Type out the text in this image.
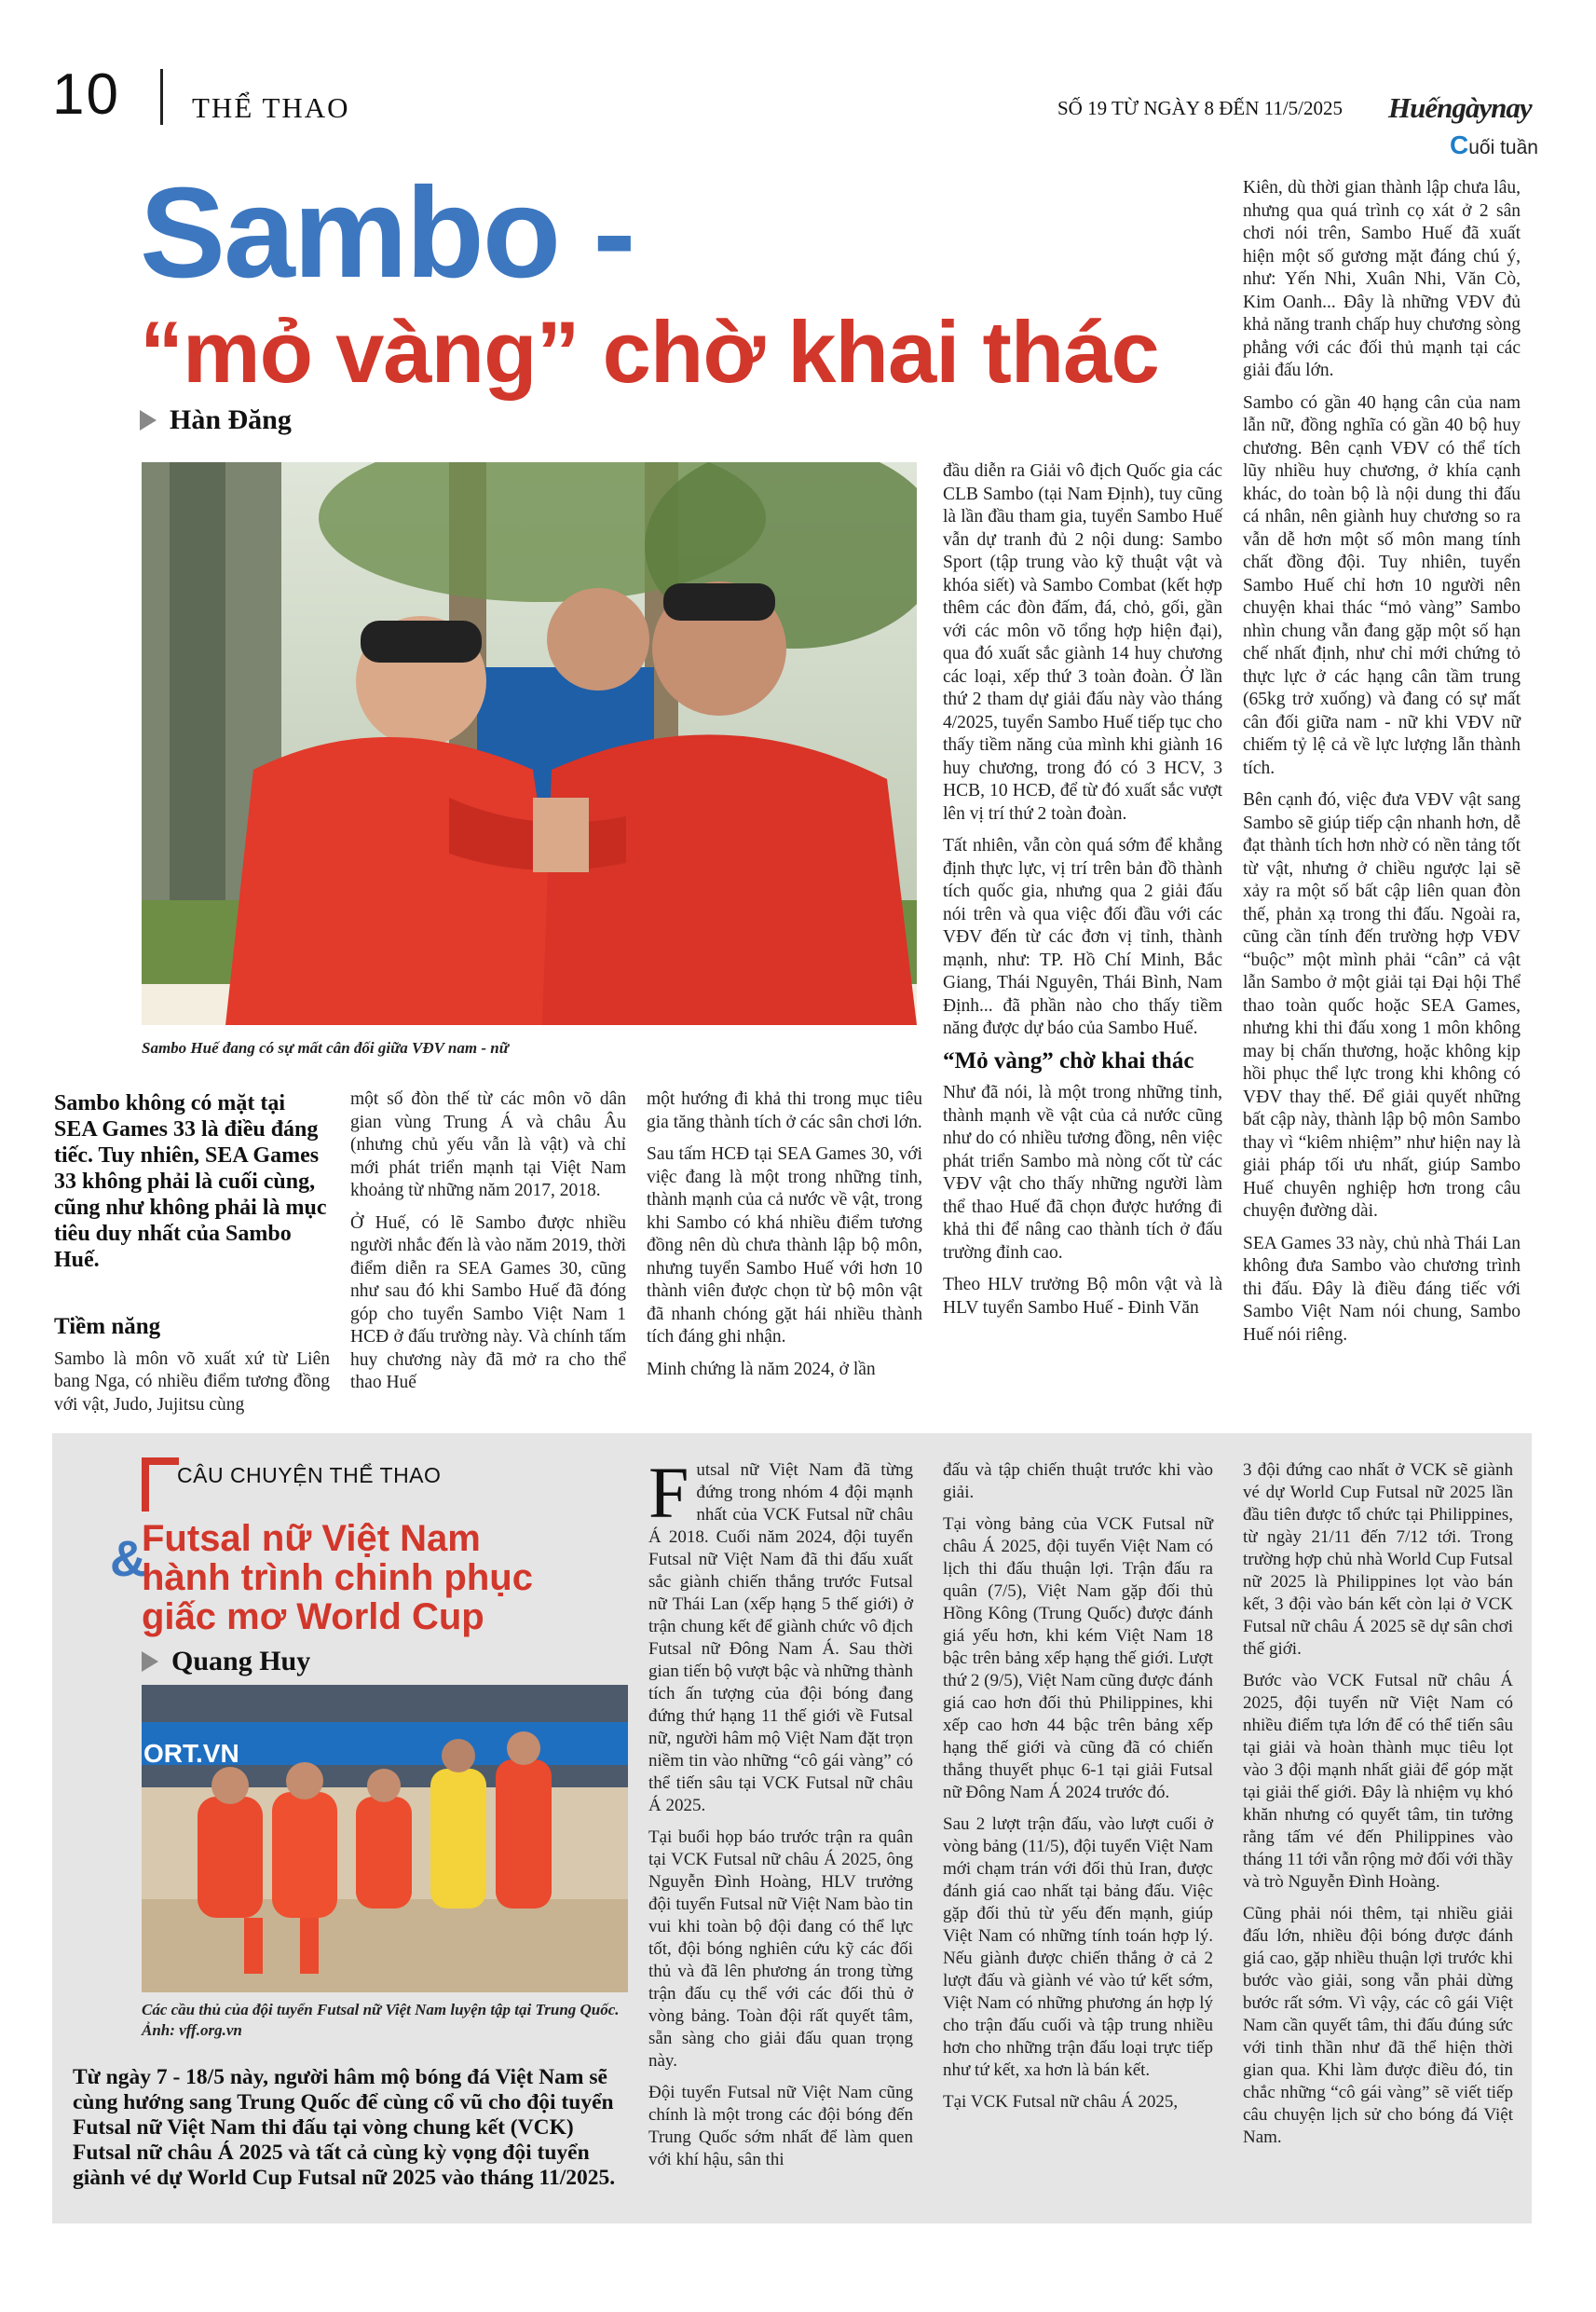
10 THỂ THAO	SỐ 19 TỪ NGÀY 8 ĐẾN 11/5/2025 Huếngàynay
Cuối tuần
Sambo -
“mỏ vàng” chờ khai thác
Hàn Đăng
Sambo Huế đang có sự mất cân đối giữa VĐV nam - nữ
Sambo không có mặt tại SEA Games 33 là điều đáng tiếc. Tuy nhiên, SEA Games 33 không phải là cuối cùng, cũng như không phải là mục tiêu duy nhất của Sambo Huế.
Tiềm năng

Sambo là môn võ xuất xứ từ Liên bang Nga, có nhiều điểm tương đồng với vật, Judo, Jujitsu cùng

một số đòn thế từ các môn võ dân gian vùng Trung Á và châu Âu (nhưng chủ yếu vẫn là vật) và chỉ mới phát triển mạnh tại Việt Nam khoảng từ những năm 2017, 2018.

Ở Huế, có lẽ Sambo được nhiều người nhắc đến là vào năm 2019, thời điểm diễn ra SEA Games 30, cũng như sau đó khi Sambo Huế đã đóng góp cho tuyển Sambo Việt Nam 1 HCĐ ở đấu trường này. Và chính tấm huy chương này đã mở ra cho thể thao Huế

một hướng đi khả thi trong mục tiêu gia tăng thành tích ở các sân chơi lớn.

Sau tấm HCĐ tại SEA Games 30, với việc đang là một trong những tỉnh, thành mạnh của cả nước về vật, trong khi Sambo có khá nhiều điểm tương đồng nên dù chưa thành lập bộ môn, nhưng tuyển Sambo Huế với hơn 10 thành viên được chọn từ bộ môn vật đã nhanh chóng gặt hái nhiều thành tích đáng ghi nhận.

Minh chứng là năm 2024, ở lần

đầu diễn ra Giải vô địch Quốc gia các CLB Sambo (tại Nam Định), tuy cũng là lần đầu tham gia, tuyển Sambo Huế vẫn dự tranh đủ 2 nội dung: Sambo Sport (tập trung vào kỹ thuật vật và khóa siết) và Sambo Combat (kết hợp thêm các đòn đấm, đá, chỏ, gối, gần với các môn võ tổng hợp hiện đại), qua đó xuất sắc giành 14 huy chương các loại, xếp thứ 3 toàn đoàn. Ở lần thứ 2 tham dự giải đấu này vào tháng 4/2025, tuyển Sambo Huế tiếp tục cho thấy tiềm năng của mình khi giành 16 huy chương, trong đó có 3 HCV, 3 HCB, 10 HCĐ, để từ đó xuất sắc vượt lên vị trí thứ 2 toàn đoàn.

Tất nhiên, vẫn còn quá sớm để khẳng định thực lực, vị trí trên bản đồ thành tích quốc gia, nhưng qua 2 giải đấu nói trên và qua việc đối đầu với các VĐV đến từ các đơn vị tỉnh, thành mạnh, như: TP. Hồ Chí Minh, Bắc Giang, Thái Nguyên, Thái Bình, Nam Định... đã phần nào cho thấy tiềm năng được dự báo của Sambo Huế.

“Mỏ vàng” chờ khai thác

Như đã nói, là một trong những tỉnh, thành mạnh về vật của cả nước cũng như do có nhiều tương đồng, nên việc phát triển Sambo mà nòng cốt từ các VĐV vật cho thấy những người làm thể thao Huế đã chọn được hướng đi khả thi để nâng cao thành tích ở đấu trường đỉnh cao.

Theo HLV trưởng Bộ môn vật và là HLV tuyển Sambo Huế - Đinh Văn

Kiên, dù thời gian thành lập chưa lâu, nhưng qua quá trình cọ xát ở 2 sân chơi nói trên, Sambo Huế đã xuất hiện một số gương mặt đáng chú ý, như: Yến Nhi, Xuân Nhi, Văn Cò, Kim Oanh... Đây là những VĐV đủ khả năng tranh chấp huy chương sòng phẳng với các đối thủ mạnh tại các giải đấu lớn.

Sambo có gần 40 hạng cân của nam lẫn nữ, đồng nghĩa có gần 40 bộ huy chương. Bên cạnh VĐV có thể tích lũy nhiều huy chương, ở khía cạnh khác, do toàn bộ là nội dung thi đấu cá nhân, nên giành huy chương so ra vẫn dễ hơn một số môn mang tính chất đồng đội. Tuy nhiên, tuyển Sambo Huế chỉ hơn 10 người nên chuyện khai thác “mỏ vàng” Sambo nhìn chung vẫn đang gặp một số hạn chế nhất định, như chỉ mới chứng tỏ thực lực ở các hạng cân tầm trung (65kg trở xuống) và đang có sự mất cân đối giữa nam - nữ khi VĐV nữ chiếm tỷ lệ cả về lực lượng lẫn thành tích.

Bên cạnh đó, việc đưa VĐV vật sang Sambo sẽ giúp tiếp cận nhanh hơn, dễ đạt thành tích hơn nhờ có nền tảng tốt từ vật, nhưng ở chiều ngược lại sẽ xảy ra một số bất cập liên quan đòn thế, phản xạ trong thi đấu. Ngoài ra, cũng cần tính đến trường hợp VĐV “buộc” một mình phải “cân” cả vật lẫn Sambo ở một giải tại Đại hội Thể thao toàn quốc hoặc SEA Games, nhưng khi thi đấu xong 1 môn không may bị chấn thương, hoặc không kịp hồi phục thể lực trong khi không có VĐV thay thế. Để giải quyết những bất cập này, thành lập bộ môn Sambo thay vì “kiêm nhiệm” như hiện nay là giải pháp tối ưu nhất, giúp Sambo Huế chuyên nghiệp hơn trong câu chuyện đường dài.

SEA Games 33 này, chủ nhà Thái Lan không đưa Sambo vào chương trình thi đấu. Đây là điều đáng tiếc với Sambo Việt Nam nói chung, Sambo Huế nói riêng.

CÂU CHUYỆN THỂ THAO
&
Futsal nữ Việt Nam
hành trình chinh phục
giấc mơ World Cup
Quang Huy
ORT.VN
Các cầu thủ của đội tuyển Futsal nữ Việt Nam luyện tập tại Trung Quốc. Ảnh: vff.org.vn
Từ ngày 7 - 18/5 này, người hâm mộ bóng đá Việt Nam sẽ cùng hướng sang Trung Quốc để cùng cổ vũ cho đội tuyển Futsal nữ Việt Nam thi đấu tại vòng chung kết (VCK) Futsal nữ châu Á 2025 và tất cả cùng kỳ vọng đội tuyển giành vé dự World Cup Futsal nữ 2025 vào tháng 11/2025.

Futsal nữ Việt Nam đã từng đứng trong nhóm 4 đội mạnh nhất của VCK Futsal nữ châu Á 2018. Cuối năm 2024, đội tuyển Futsal nữ Việt Nam đã thi đấu xuất sắc giành chiến thắng trước Futsal nữ Thái Lan (xếp hạng 5 thế giới) ở trận chung kết để giành chức vô địch Futsal nữ Đông Nam Á. Sau thời gian tiến bộ vượt bậc và những thành tích ấn tượng của đội bóng đang đứng thứ hạng 11 thế giới về Futsal nữ, người hâm mộ Việt Nam đặt trọn niềm tin vào những “cô gái vàng” có thể tiến sâu tại VCK Futsal nữ châu Á 2025.

Tại buổi họp báo trước trận ra quân tại VCK Futsal nữ châu Á 2025, ông Nguyễn Đình Hoàng, HLV trưởng đội tuyển Futsal nữ Việt Nam bào tin vui khi toàn bộ đội đang có thể lực tốt, đội bóng nghiên cứu kỹ các đối thủ và đã lên phương án trong từng trận đấu cụ thể với các đối thủ ở vòng bảng. Toàn đội rất quyết tâm, sẵn sàng cho giải đấu quan trọng này.

Đội tuyển Futsal nữ Việt Nam cũng chính là một trong các đội bóng đến Trung Quốc sớm nhất để làm quen với khí hậu, sân thi

đấu và tập chiến thuật trước khi vào giải.

Tại vòng bảng của VCK Futsal nữ châu Á 2025, đội tuyển Việt Nam có lịch thi đấu thuận lợi. Trận đấu ra quân (7/5), Việt Nam gặp đối thủ Hồng Kông (Trung Quốc) được đánh giá yếu hơn, khi kém Việt Nam 18 bậc trên bảng xếp hạng thế giới. Lượt thứ 2 (9/5), Việt Nam cũng được đánh giá cao hơn đối thủ Philippines, khi xếp cao hơn 44 bậc trên bảng xếp hạng thế giới và cũng đã có chiến thắng thuyết phục 6-1 tại giải Futsal nữ Đông Nam Á 2024 trước đó.

Sau 2 lượt trận đấu, vào lượt cuối ở vòng bảng (11/5), đội tuyển Việt Nam mới chạm trán với đối thủ Iran, được đánh giá cao nhất tại bảng đấu. Việc gặp đối thủ từ yếu đến mạnh, giúp Việt Nam có những tính toán hợp lý. Nếu giành được chiến thắng ở cả 2 lượt đấu và giành vé vào tứ kết sớm, Việt Nam có những phương án hợp lý cho trận đấu cuối và tập trung nhiều hơn cho những trận đấu loại trực tiếp như tứ kết, xa hơn là bán kết.

Tại VCK Futsal nữ châu Á 2025,

3 đội đứng cao nhất ở VCK sẽ giành vé dự World Cup Futsal nữ 2025 lần đầu tiên được tổ chức tại Philippines, từ ngày 21/11 đến 7/12 tới. Trong trường hợp chủ nhà World Cup Futsal nữ 2025 là Philippines lọt vào bán kết, 3 đội vào bán kết còn lại ở VCK Futsal nữ châu Á 2025 sẽ dự sân chơi thế giới.

Bước vào VCK Futsal nữ châu Á 2025, đội tuyển nữ Việt Nam có nhiều điểm tựa lớn để có thể tiến sâu tại giải và hoàn thành mục tiêu lọt vào 3 đội mạnh nhất giải để góp mặt tại giải thế giới. Đây là nhiệm vụ khó khăn nhưng có quyết tâm, tin tưởng rằng tấm vé đến Philippines vào tháng 11 tới vẫn rộng mở đối với thầy và trò Nguyễn Đình Hoàng.

Cũng phải nói thêm, tại nhiều giải đấu lớn, nhiều đội bóng được đánh giá cao, gặp nhiều thuận lợi trước khi bước vào giải, song vẫn phải dừng bước rất sớm. Vì vậy, các cô gái Việt Nam cần quyết tâm, thi đấu đúng sức với tinh thần như đã thể hiện thời gian qua. Khi làm được điều đó, tin chắc những “cô gái vàng” sẽ viết tiếp câu chuyện lịch sử cho bóng đá Việt Nam.
